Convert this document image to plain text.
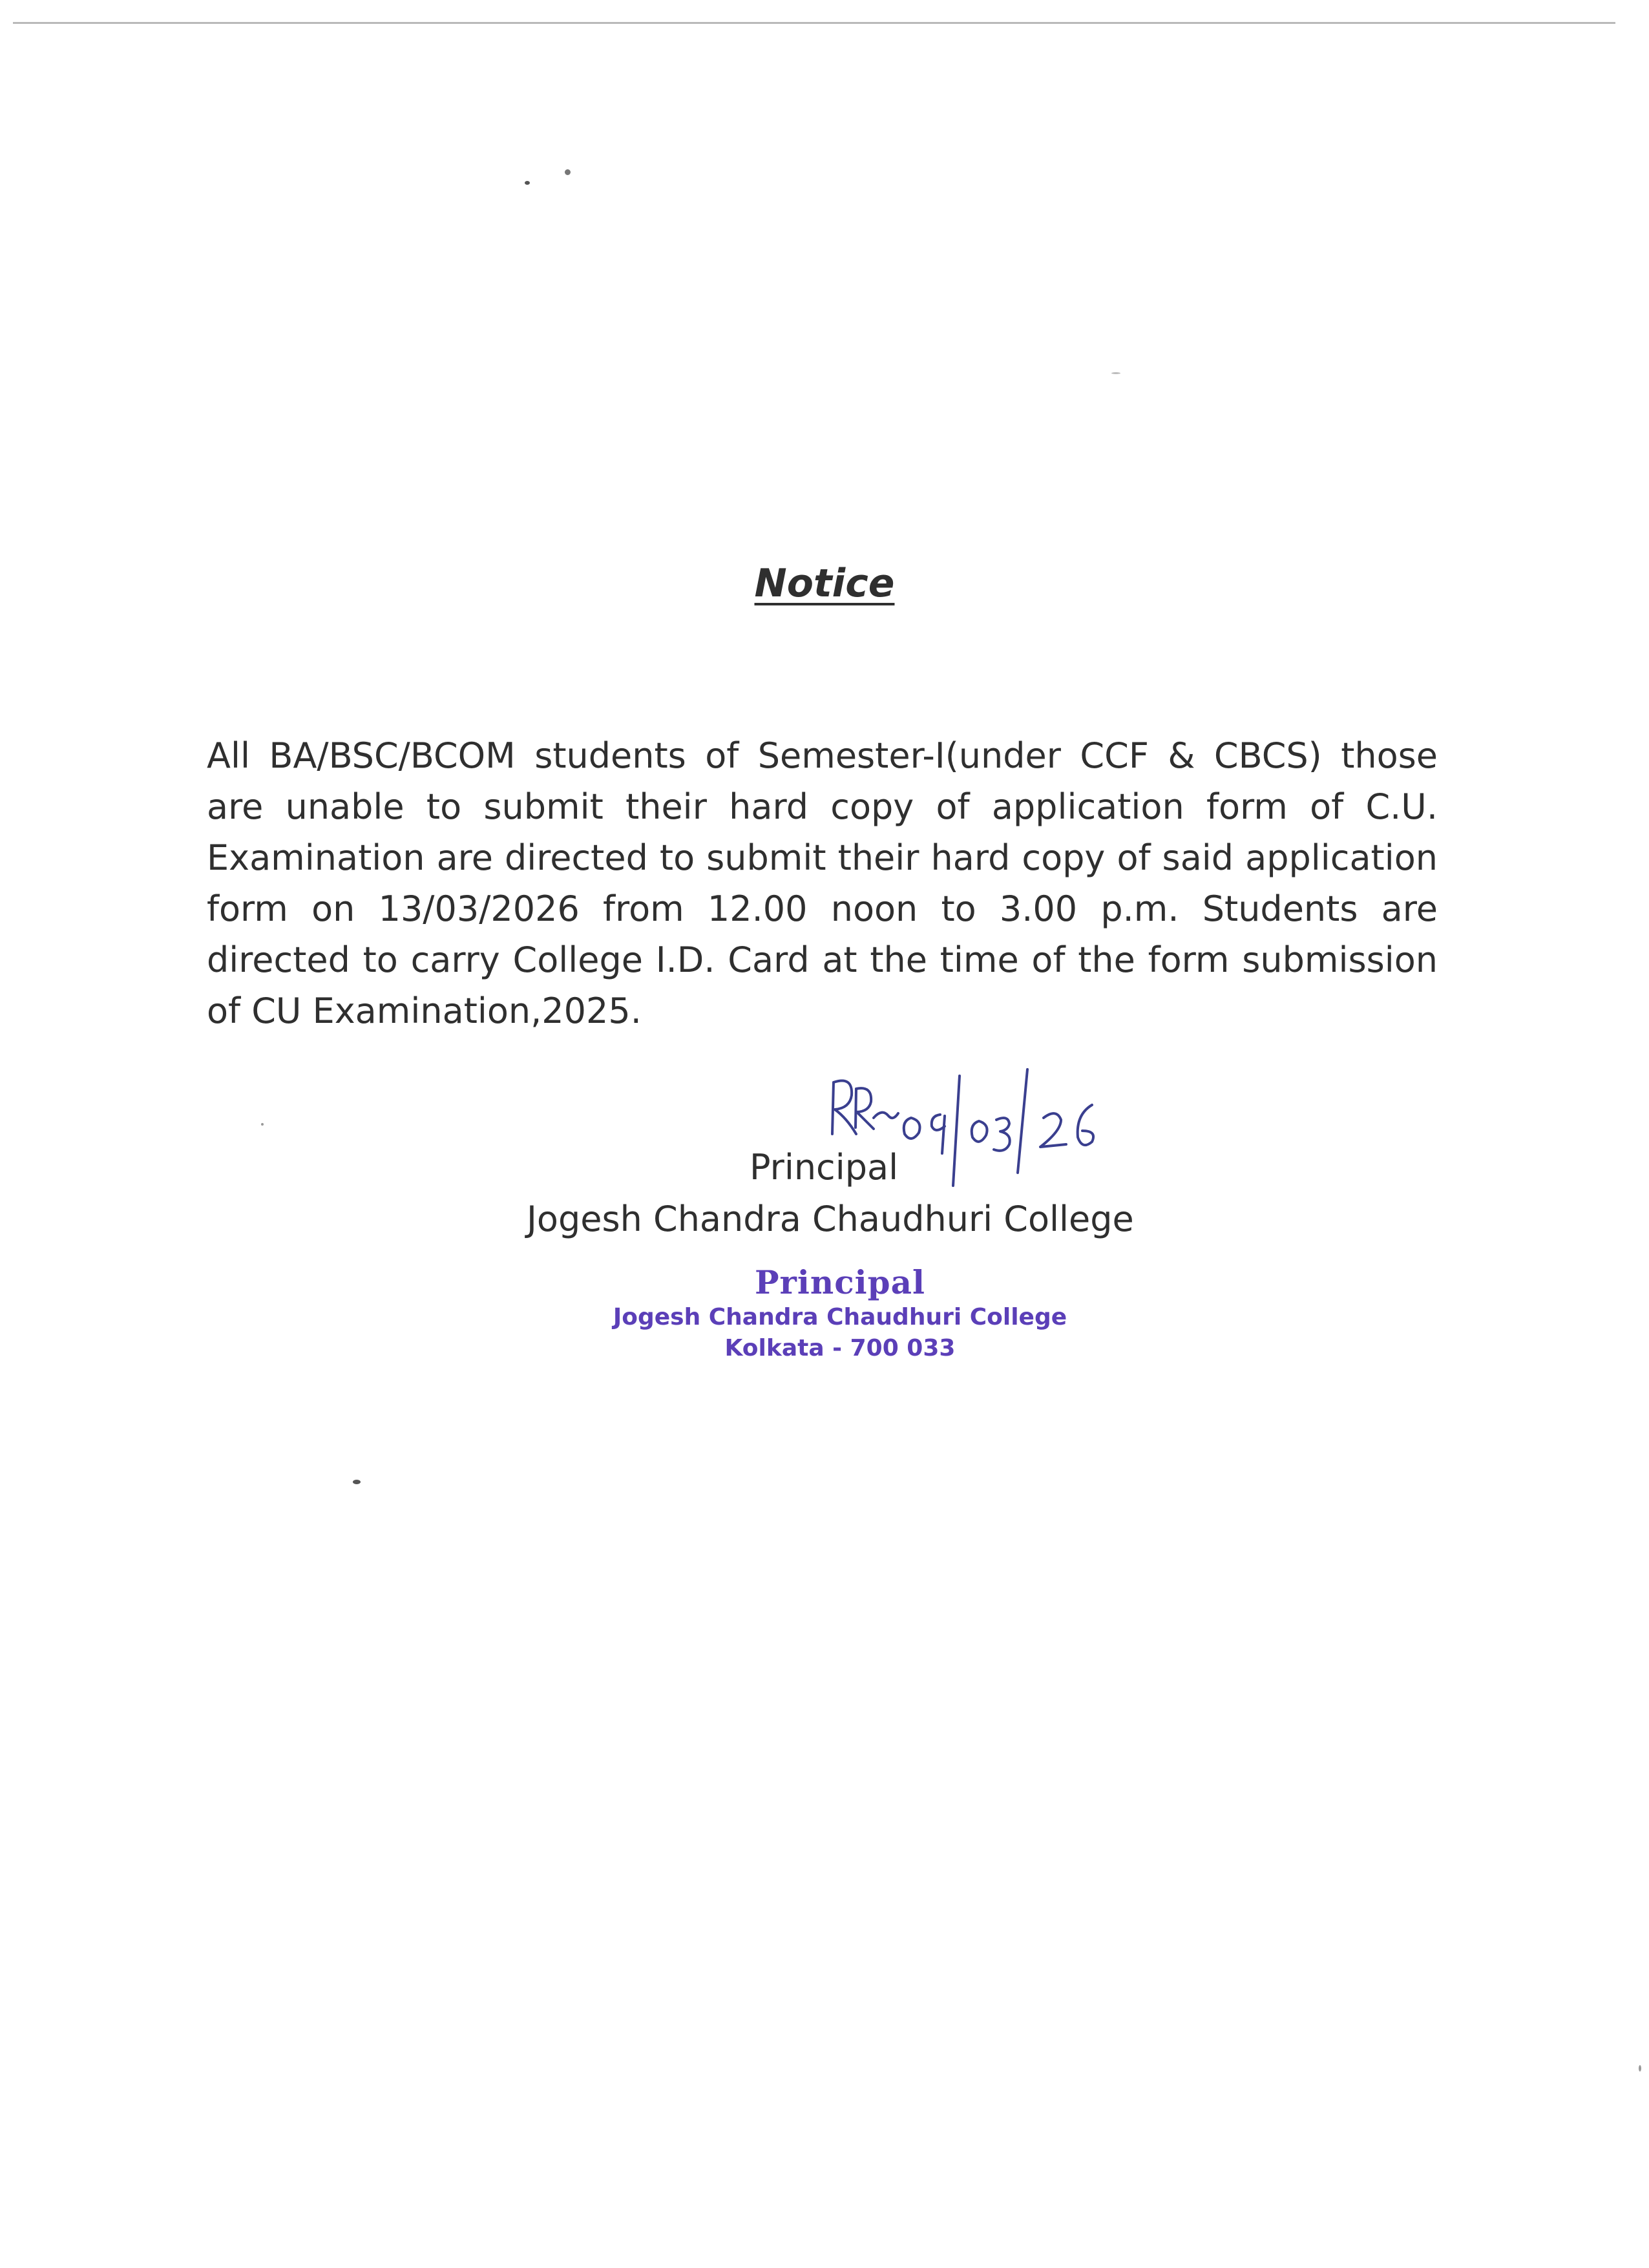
Notice

All BA/BSC/BCOM students of Semester-I(under CCF & CBCS) those are unable to submit their hard copy of application form of C.U. Examination are directed to submit their hard copy of said application form on 13/03/2026 from 12.00 noon to 3.00 p.m. Students are directed to carry College I.D. Card at the time of the form submission of CU Examination,2025.

Principal
Jogesh Chandra Chaudhuri College
Principal
Jogesh Chandra Chaudhuri College
Kolkata - 700 033
